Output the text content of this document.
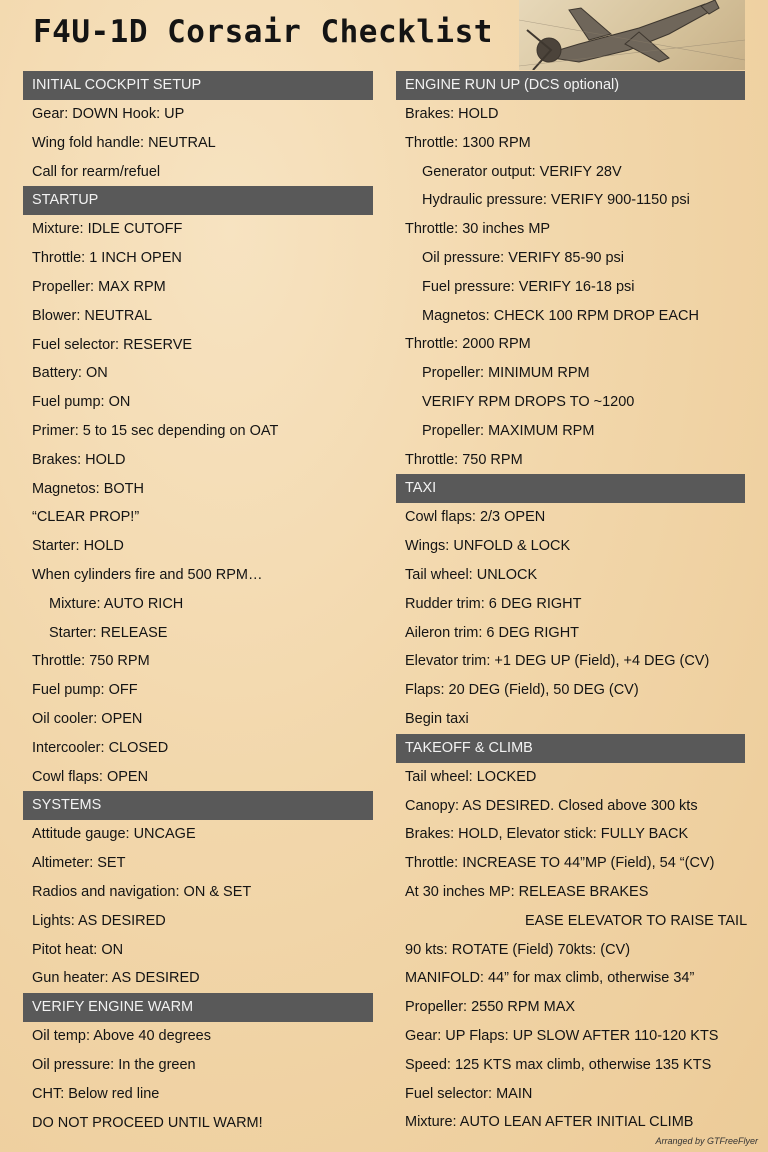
F4U-1D Corsair Checklist
INITIAL COCKPIT SETUP
Gear: DOWN Hook: UP
Wing fold handle: NEUTRAL
Call for rearm/refuel
STARTUP
Mixture: IDLE CUTOFF
Throttle: 1 INCH OPEN
Propeller: MAX RPM
Blower: NEUTRAL
Fuel selector: RESERVE
Battery: ON
Fuel pump: ON
Primer: 5 to 15 sec depending on OAT
Brakes: HOLD
Magnetos: BOTH
“CLEAR PROP!”
Starter: HOLD
When cylinders fire and 500 RPM…
Mixture: AUTO RICH
Starter: RELEASE
Throttle: 750 RPM
Fuel pump: OFF
Oil cooler: OPEN
Intercooler: CLOSED
Cowl flaps: OPEN
SYSTEMS
Attitude gauge: UNCAGE
Altimeter: SET
Radios and navigation: ON & SET
Lights: AS DESIRED
Pitot heat: ON
Gun heater: AS DESIRED
VERIFY ENGINE WARM
Oil temp: Above 40 degrees
Oil pressure: In the green
CHT: Below red line
DO NOT PROCEED UNTIL WARM!
ENGINE RUN UP (DCS optional)
Brakes: HOLD
Throttle: 1300 RPM
Generator output: VERIFY 28V
Hydraulic pressure: VERIFY 900-1150 psi
Throttle: 30 inches MP
Oil pressure: VERIFY 85-90 psi
Fuel pressure: VERIFY 16-18 psi
Magnetos: CHECK 100 RPM DROP EACH
Throttle: 2000 RPM
Propeller: MINIMUM RPM
VERIFY RPM DROPS TO ~1200
Propeller: MAXIMUM RPM
Throttle: 750 RPM
TAXI
Cowl flaps: 2/3 OPEN
Wings: UNFOLD & LOCK
Tail wheel: UNLOCK
Rudder trim: 6 DEG RIGHT
Aileron trim: 6 DEG RIGHT
Elevator trim: +1 DEG UP (Field), +4 DEG (CV)
Flaps: 20 DEG (Field), 50 DEG (CV)
Begin taxi
TAKEOFF & CLIMB
Tail wheel: LOCKED
Canopy: AS DESIRED. Closed above 300 kts
Brakes: HOLD, Elevator stick: FULLY BACK
Throttle: INCREASE TO 44”MP (Field), 54 “(CV)
At 30 inches MP: RELEASE BRAKES
EASE ELEVATOR TO RAISE TAIL
90 kts: ROTATE (Field) 70kts: (CV)
MANIFOLD: 44” for max climb, otherwise 34”
Propeller: 2550 RPM MAX
Gear: UP Flaps: UP SLOW AFTER 110-120 KTS
Speed: 125 KTS max climb, otherwise 135 KTS
Fuel selector: MAIN
Mixture: AUTO LEAN AFTER INITIAL CLIMB
Arranged by GTFreeFlyer
